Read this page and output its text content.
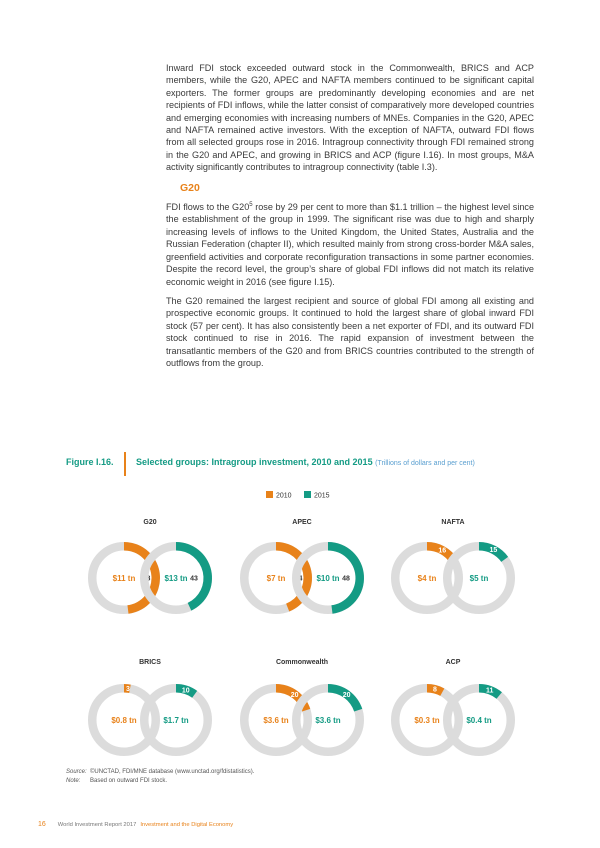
Inward FDI stock exceeded outward stock in the Commonwealth, BRICS and ACP members, while the G20, APEC and NAFTA members continued to be significant capital exporters. The former groups are predominantly developing economies and are net recipients of FDI inflows, while the latter consist of comparatively more developed countries and emerging economies with increasing numbers of MNEs. Companies in the G20, APEC and NAFTA remained active investors. With the exception of NAFTA, outward FDI flows from all selected groups rose in 2016. Intragroup connectivity through FDI remained strong in the G20 and APEC, and growing in BRICS and ACP (figure I.16). In most groups, M&A activity significantly contributes to intragroup connectivity (table I.3).

G20

FDI flows to the $G20^5$ rose by 29 per cent to more than $1.1 trillion – the highest level since the establishment of the group in 1999. The significant rise was due to high and sharply increasing levels of inflows to the United Kingdom, the United States, Australia and the Russian Federation (chapter II), which resulted mainly from strong cross-border M&A sales, greenfield activities and corporate reconfiguration transactions in some partner economies. Despite the record level, the group’s share of global FDI inflows did not match its relative economic weight in 2016 (see figure I.15).

The G20 remained the largest recipient and source of global FDI among all existing and prospective economic groups. It continued to hold the largest share of global inward FDI stock (57 per cent). It has also consistently been a net exporter of FDI, and its outward FDI stock continued to rise in 2016. The rapid expansion of investment between the transatlantic members of the G20 and from BRICS countries contributed to the strength of outflows from the group.

Figure I.16. Selected groups: Intragroup investment, 2010 and 2015 (Trillions of dollars and per cent)
2010	2015
G20
48
$11 tn	43
$13 tn
APEC
44
$7 tn	48
$10 tn
NAFTA
16
$4 tn
15
$5 tn
BRICS
3
$0.8 tn
10
$1.7 tn
Commonwealth
20
$3.6 tn
20
$3.6 tn
ACP
8
$0.3 tn
11
$0.4 tn
Source: ©UNCTAD, FDI/MNE database (www.unctad.org/fdistatistics).
Note: Based on outward FDI stock.
16 World Investment Report 2017 Investment and the Digital Economy
